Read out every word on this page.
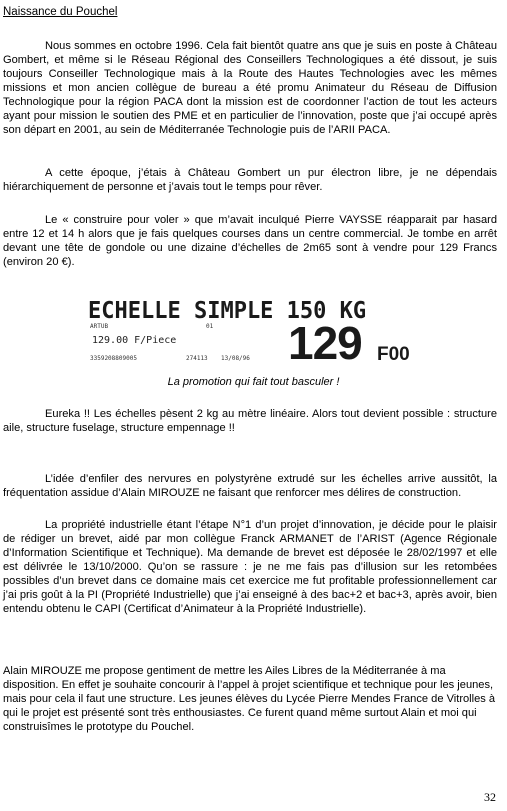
Naissance du Pouchel
Nous sommes en octobre 1996. Cela fait bientôt quatre ans que je suis en poste à Château Gombert, et même si le Réseau Régional des Conseillers Technologiques a été dissout, je suis toujours Conseiller Technologique mais à la Route des Hautes Technologies avec les mêmes missions et mon ancien collègue de bureau a été promu Animateur du Réseau de Diffusion Technologique pour la région PACA dont la mission est de coordonner l’action de tout les acteurs ayant pour mission le soutien des PME et en particulier de l’innovation, poste que j’ai occupé après son départ en 2001, au sein de Méditerranée Technologie puis de l’ARII PACA.
A cette époque, j’étais à Château Gombert un pur électron libre, je ne dépendais hiérarchiquement de personne et j’avais tout le temps pour rêver.
Le « construire pour voler » que m’avait inculqué Pierre VAYSSE réapparait par hasard entre 12 et 14 h alors que je fais quelques courses dans un centre commercial. Je tombe en arrêt devant une tête de gondole ou une dizaine d’échelles de 2m65 sont à vendre pour 129 Francs (environ 20 €).
ECHELLE SIMPLE 150 KG
ARTUB	01
129.00 F/Piece
3359208809005	274113 13/08/96 129 F00
La promotion qui fait tout basculer !
Eureka !! Les échelles pèsent 2 kg au mètre linéaire. Alors tout devient possible : structure aile, structure fuselage, structure empennage !!
L’idée d’enfiler des nervures en polystyrène extrudé sur les échelles arrive aussitôt, la fréquentation assidue d’Alain MIROUZE ne faisant que renforcer mes délires de construction.
La propriété industrielle étant l’étape N°1 d’un projet d’innovation, je décide pour le plaisir de rédiger un brevet, aidé par mon collègue Franck ARMANET de l’ARIST (Agence Régionale d’Information Scientifique et Technique). Ma demande de brevet est déposée le 28/02/1997 et elle est délivrée le 13/10/2000. Qu’on se rassure : je ne me fais pas d’illusion sur les retombées possibles d’un brevet dans ce domaine mais cet exercice me fut profitable professionnellement car j’ai pris goût à la PI (Propriété Industrielle) que j’ai enseigné à des bac+2 et bac+3, après avoir, bien entendu obtenu le CAPI (Certificat d’Animateur à la Propriété Industrielle).
Alain MIROUZE me propose gentiment de mettre les Ailes Libres de la Méditerranée à ma disposition. En effet je souhaite concourir à l’appel à projet scientifique et technique pour les jeunes, mais pour cela il faut une structure. Les jeunes élèves du Lycée Pierre Mendes France de Vitrolles à qui le projet est présenté sont très enthousiastes. Ce furent quand même surtout Alain et moi qui construisîmes le prototype du Pouchel.
32
